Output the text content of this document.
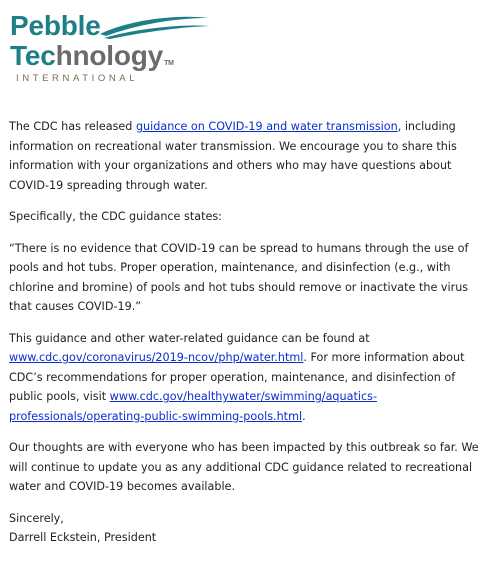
Pebble
TechnologyTM
INTERNATIONAL

The CDC has released guidance on COVID-19 and water transmission, including information on recreational water transmission. We encourage you to share this information with your organizations and others who may have questions about COVID-19 spreading through water.

Specifically, the CDC guidance states:

“There is no evidence that COVID-19 can be spread to humans through the use of pools and hot tubs. Proper operation, maintenance, and disinfection (e.g., with chlorine and bromine) of pools and hot tubs should remove or inactivate the virus that causes COVID-19.”

This guidance and other water-related guidance can be found at www.cdc.gov/coronavirus/2019-ncov/php/water.html. For more information about CDC’s recommendations for proper operation, maintenance, and disinfection of public pools, visit www.cdc.gov/healthywater/swimming/aquatics-professionals/operating-public-swimming-pools.html.

Our thoughts are with everyone who has been impacted by this outbreak so far. We will continue to update you as any additional CDC guidance related to recreational water and COVID-19 becomes available.

Sincerely,

Darrell Eckstein, President
